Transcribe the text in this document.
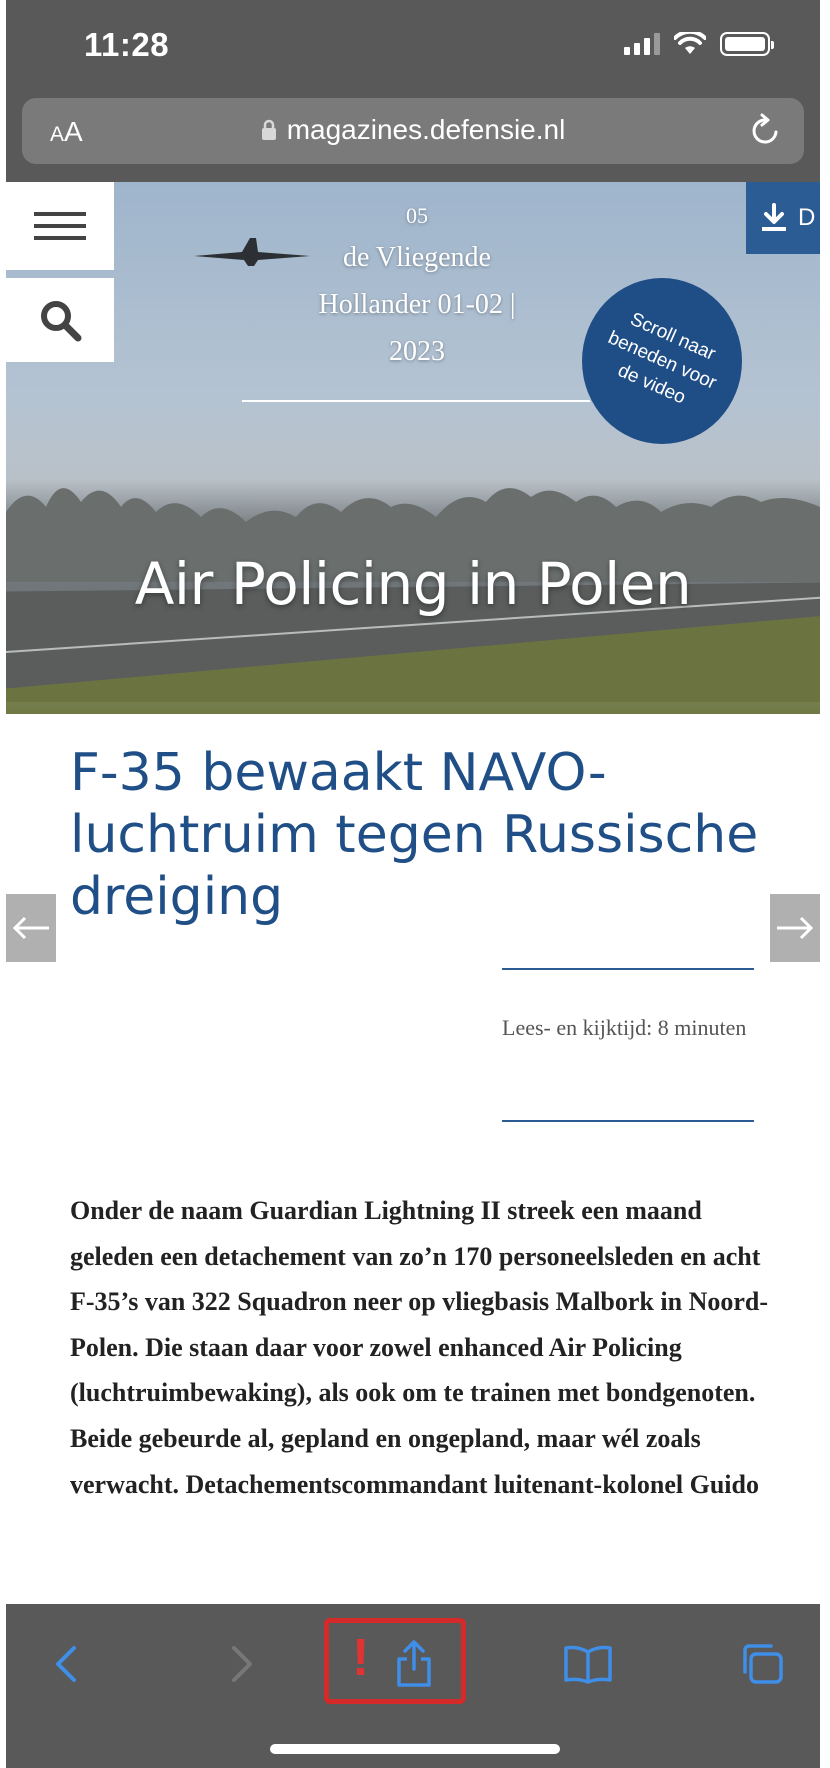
11:28
AA	magazines.defensie.nl
05
de Vliegende
Hollander 01-02 |
2023	Scroll naar beneden voor de video
D
Air Policing in Polen
F-35 bewaakt NAVO-luchtruim tegen Russische dreiging
Lees- en kijktijd: 8 minuten

Onder de naam Guardian Lightning II streek een maand geleden een detachement van zo’n 170 personeelsleden en acht F-35’s van 322 Squadron neer op vliegbasis Malbork in Noord-Polen. Die staan daar voor zowel enhanced Air Policing (luchtruimbewaking), als ook om te trainen met bondgenoten. Beide gebeurde al, gepland en ongepland, maar wél zoals verwacht. Detachementscommandant luitenant-kolonel Guido

!
